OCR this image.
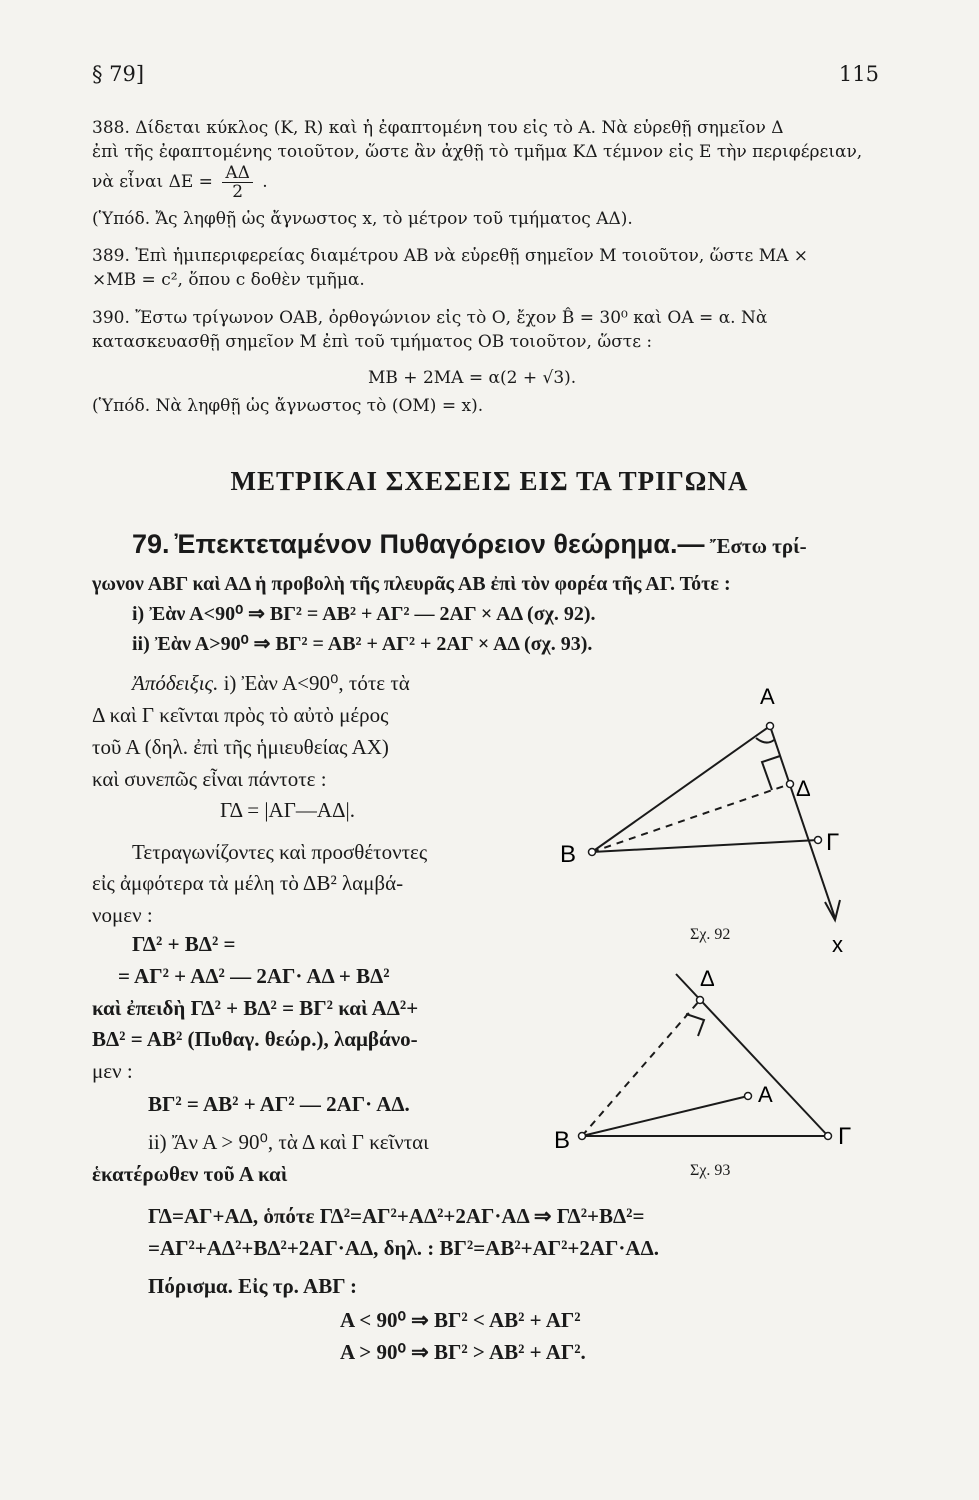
§ 79]	115
388. Δίδεται κύκλος (Κ, R) καὶ ἡ ἐφαπτομένη του εἰς τὸ Α. Νὰ εὑρεθῇ σημεῖον Δ
ἐπὶ τῆς ἐφαπτομένης τοιοῦτον, ὥστε ἂν ἀχθῇ τὸ τμῆμα ΚΔ τέμνον εἰς Ε τὴν περιφέρειαν,
νὰ εἶναι $\Delta E = \frac{A\Delta}{2}$ .
(Ὑπόδ. Ἄς ληφθῇ ὡς ἄγνωστος x, τὸ μέτρον τοῦ τμήματος ΑΔ).
389. Ἐπὶ ἡμιπεριφερείας διαμέτρου ΑΒ νὰ εὑρεθῇ σημεῖον Μ τοιοῦτον, ὥστε ΜΑ ×
×ΜΒ = c², ὅπου c δοθὲν τμῆμα.
390. Ἔστω τρίγωνον ΟΑΒ, ὀρθογώνιον εἰς τὸ Ο, ἔχον B̂ = 30⁰ καὶ ΟΑ = α. Νὰ
κατασκευασθῇ σημεῖον Μ ἐπὶ τοῦ τμήματος ΟΒ τοιοῦτον, ὥστε :
ΜΒ + 2ΜΑ = α(2 + √3).
(Ὑπόδ. Νὰ ληφθῇ ὡς ἄγνωστος τὸ (ΟΜ) = x).
ΜΕΤΡΙΚΑΙ ΣΧΕΣΕΙΣ ΕΙΣ ΤΑ ΤΡΙΓΩΝΑ
79. Ἐπεκτεταμένον Πυθαγόρειον θεώρημα.— Ἔστω τρί-
γωνον ΑΒΓ καὶ ΑΔ ἡ προβολὴ τῆς πλευρᾶς ΑΒ ἐπὶ τὸν φορέα τῆς ΑΓ. Τότε :
i) Ἐὰν Α<90⁰ ⇒ ΒΓ² = ΑΒ² + ΑΓ² — 2ΑΓ × ΑΔ (σχ. 92).
ii) Ἐὰν Α>90⁰ ⇒ ΒΓ² = ΑΒ² + ΑΓ² + 2ΑΓ × ΑΔ (σχ. 93).
Ἀπόδειξις. i) Ἐὰν Α<90⁰, τότε τὰ
Δ καὶ Γ κεῖνται πρὸς τὸ αὐτὸ μέρος
τοῦ Α (δηλ. ἐπὶ τῆς ἡμιευθείας ΑΧ)
καὶ συνεπῶς εἶναι πάντοτε :
ΓΔ = |ΑΓ—ΑΔ|.
Τετραγωνίζοντες καὶ προσθέτοντες
εἰς ἀμφότερα τὰ μέλη τὸ ΔΒ² λαμβά-
νομεν :
ΓΔ² + ΒΔ² =
= ΑΓ² + ΑΔ² — 2ΑΓ· ΑΔ + ΒΔ²
καὶ ἐπειδὴ ΓΔ² + ΒΔ² = ΒΓ² καὶ ΑΔ²+
ΒΔ² = ΑΒ² (Πυθαγ. θεώρ.), λαμβάνο-
μεν :
ΒΓ² = ΑΒ² + ΑΓ² — 2ΑΓ· ΑΔ.
ii) Ἄν Α > 90⁰, τὰ Δ καὶ Γ κεῖνται
ἑκατέρωθεν τοῦ Α καὶ
ΓΔ=ΑΓ+ΑΔ, ὁπότε ΓΔ²=ΑΓ²+ΑΔ²+2ΑΓ·ΑΔ ⇒ ΓΔ²+ΒΔ²=
=ΑΓ²+ΑΔ²+ΒΔ²+2ΑΓ·ΑΔ, δηλ. : ΒΓ²=ΑΒ²+ΑΓ²+2ΑΓ·ΑΔ.
Πόρισμα. Εἰς τρ. ΑΒΓ :
Α < 90⁰ ⇒ ΒΓ² < ΑΒ² + ΑΓ²
Α > 90⁰ ⇒ ΒΓ² > ΑΒ² + ΑΓ².
A
B
Δ
Γ
x
Σχ. 92
Δ
A
B	Γ
Σχ. 93
